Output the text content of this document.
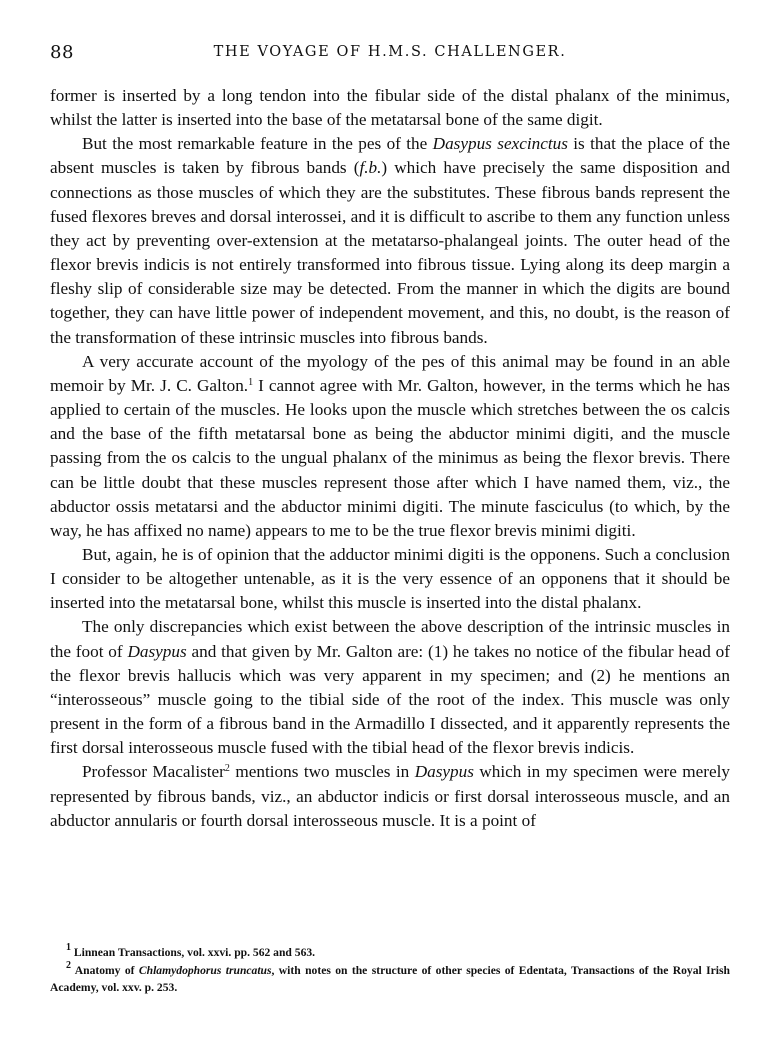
88	THE VOYAGE OF H.M.S. CHALLENGER.

former is inserted by a long tendon into the fibular side of the distal phalanx of the minimus, whilst the latter is inserted into the base of the metatarsal bone of the same digit.

But the most remarkable feature in the pes of the Dasypus sexcinctus is that the place of the absent muscles is taken by fibrous bands (f.b.) which have precisely the same disposition and connections as those muscles of which they are the substitutes. These fibrous bands represent the fused flexores breves and dorsal interossei, and it is difficult to ascribe to them any function unless they act by preventing over-extension at the metatarso-phalangeal joints. The outer head of the flexor brevis indicis is not entirely transformed into fibrous tissue. Lying along its deep margin a fleshy slip of considerable size may be detected. From the manner in which the digits are bound together, they can have little power of independent movement, and this, no doubt, is the reason of the transformation of these intrinsic muscles into fibrous bands.

A very accurate account of the myology of the pes of this animal may be found in an able memoir by Mr. J. C. Galton.$^1$ I cannot agree with Mr. Galton, however, in the terms which he has applied to certain of the muscles. He looks upon the muscle which stretches between the os calcis and the base of the fifth metatarsal bone as being the abductor minimi digiti, and the muscle passing from the os calcis to the ungual phalanx of the minimus as being the flexor brevis. There can be little doubt that these muscles represent those after which I have named them, viz., the abductor ossis metatarsi and the abductor minimi digiti. The minute fasciculus (to which, by the way, he has affixed no name) appears to me to be the true flexor brevis minimi digiti.

But, again, he is of opinion that the adductor minimi digiti is the opponens. Such a conclusion I consider to be altogether untenable, as it is the very essence of an opponens that it should be inserted into the metatarsal bone, whilst this muscle is inserted into the distal phalanx.

The only discrepancies which exist between the above description of the intrinsic muscles in the foot of Dasypus and that given by Mr. Galton are: (1) he takes no notice of the fibular head of the flexor brevis hallucis which was very apparent in my specimen; and (2) he mentions an “interosseous” muscle going to the tibial side of the root of the index. This muscle was only present in the form of a fibrous band in the Armadillo I dissected, and it apparently represents the first dorsal interosseous muscle fused with the tibial head of the flexor brevis indicis.

Professor Macalister$^2$ mentions two muscles in Dasypus which in my specimen were merely represented by fibrous bands, viz., an abductor indicis or first dorsal interosseous muscle, and an abductor annularis or fourth dorsal interosseous muscle. It is a point of

$^1$ Linnean Transactions, vol. xxvi. pp. 562 and 563.

$^2$ Anatomy of Chlamydophorus truncatus, with notes on the structure of other species of Edentata, Transactions of the Royal Irish Academy, vol. xxv. p. 253.
